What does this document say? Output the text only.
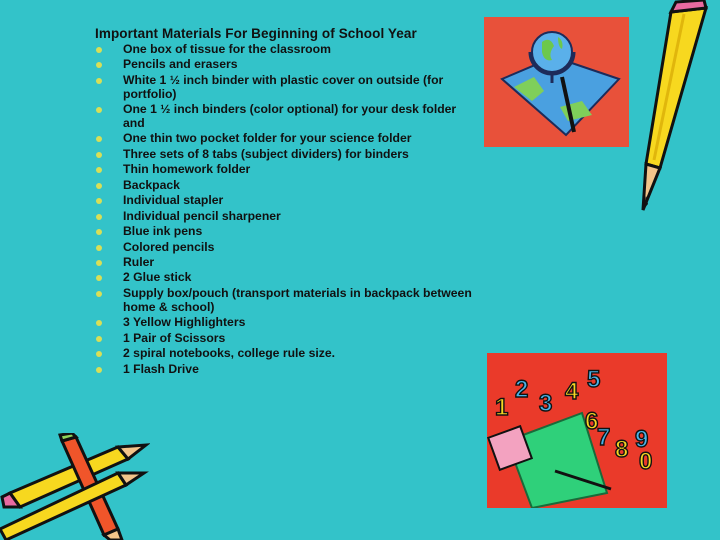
Important Materials For Beginning of School Year
One box of tissue for the classroom
Pencils and erasers
White 1 ½ inch binder with plastic cover on outside (for portfolio)
One 1 ½ inch binders (color optional) for your desk folder and
One thin two pocket folder for your science folder
Three sets of 8 tabs (subject dividers) for binders
Thin homework folder
Backpack
Individual stapler
Individual pencil sharpener
Blue ink pens
Colored pencils
Ruler
2 Glue stick
Supply box/pouch (transport materials in backpack between home & school)
3 Yellow Highlighters
1 Pair of Scissors
2 spiral notebooks, college rule size.
1 Flash Drive
1
2
3 4 5
6
7 8 9
0
